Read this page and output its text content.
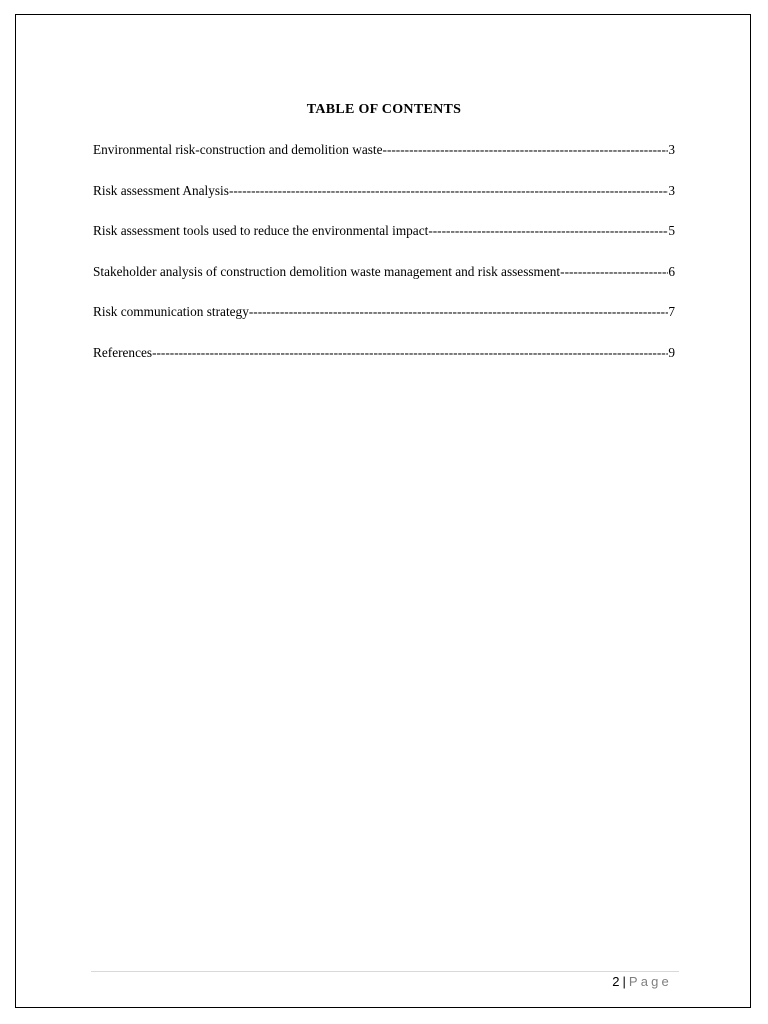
TABLE OF CONTENTS
Environmental risk-construction and demolition waste -----	3
Risk assessment Analysis -----	3
Risk assessment tools used to reduce the environmental impact -----	5
Stakeholder analysis of construction demolition waste management and risk assessment -----	6
Risk communication strategy -----	7
References -----	9
2 | Page
